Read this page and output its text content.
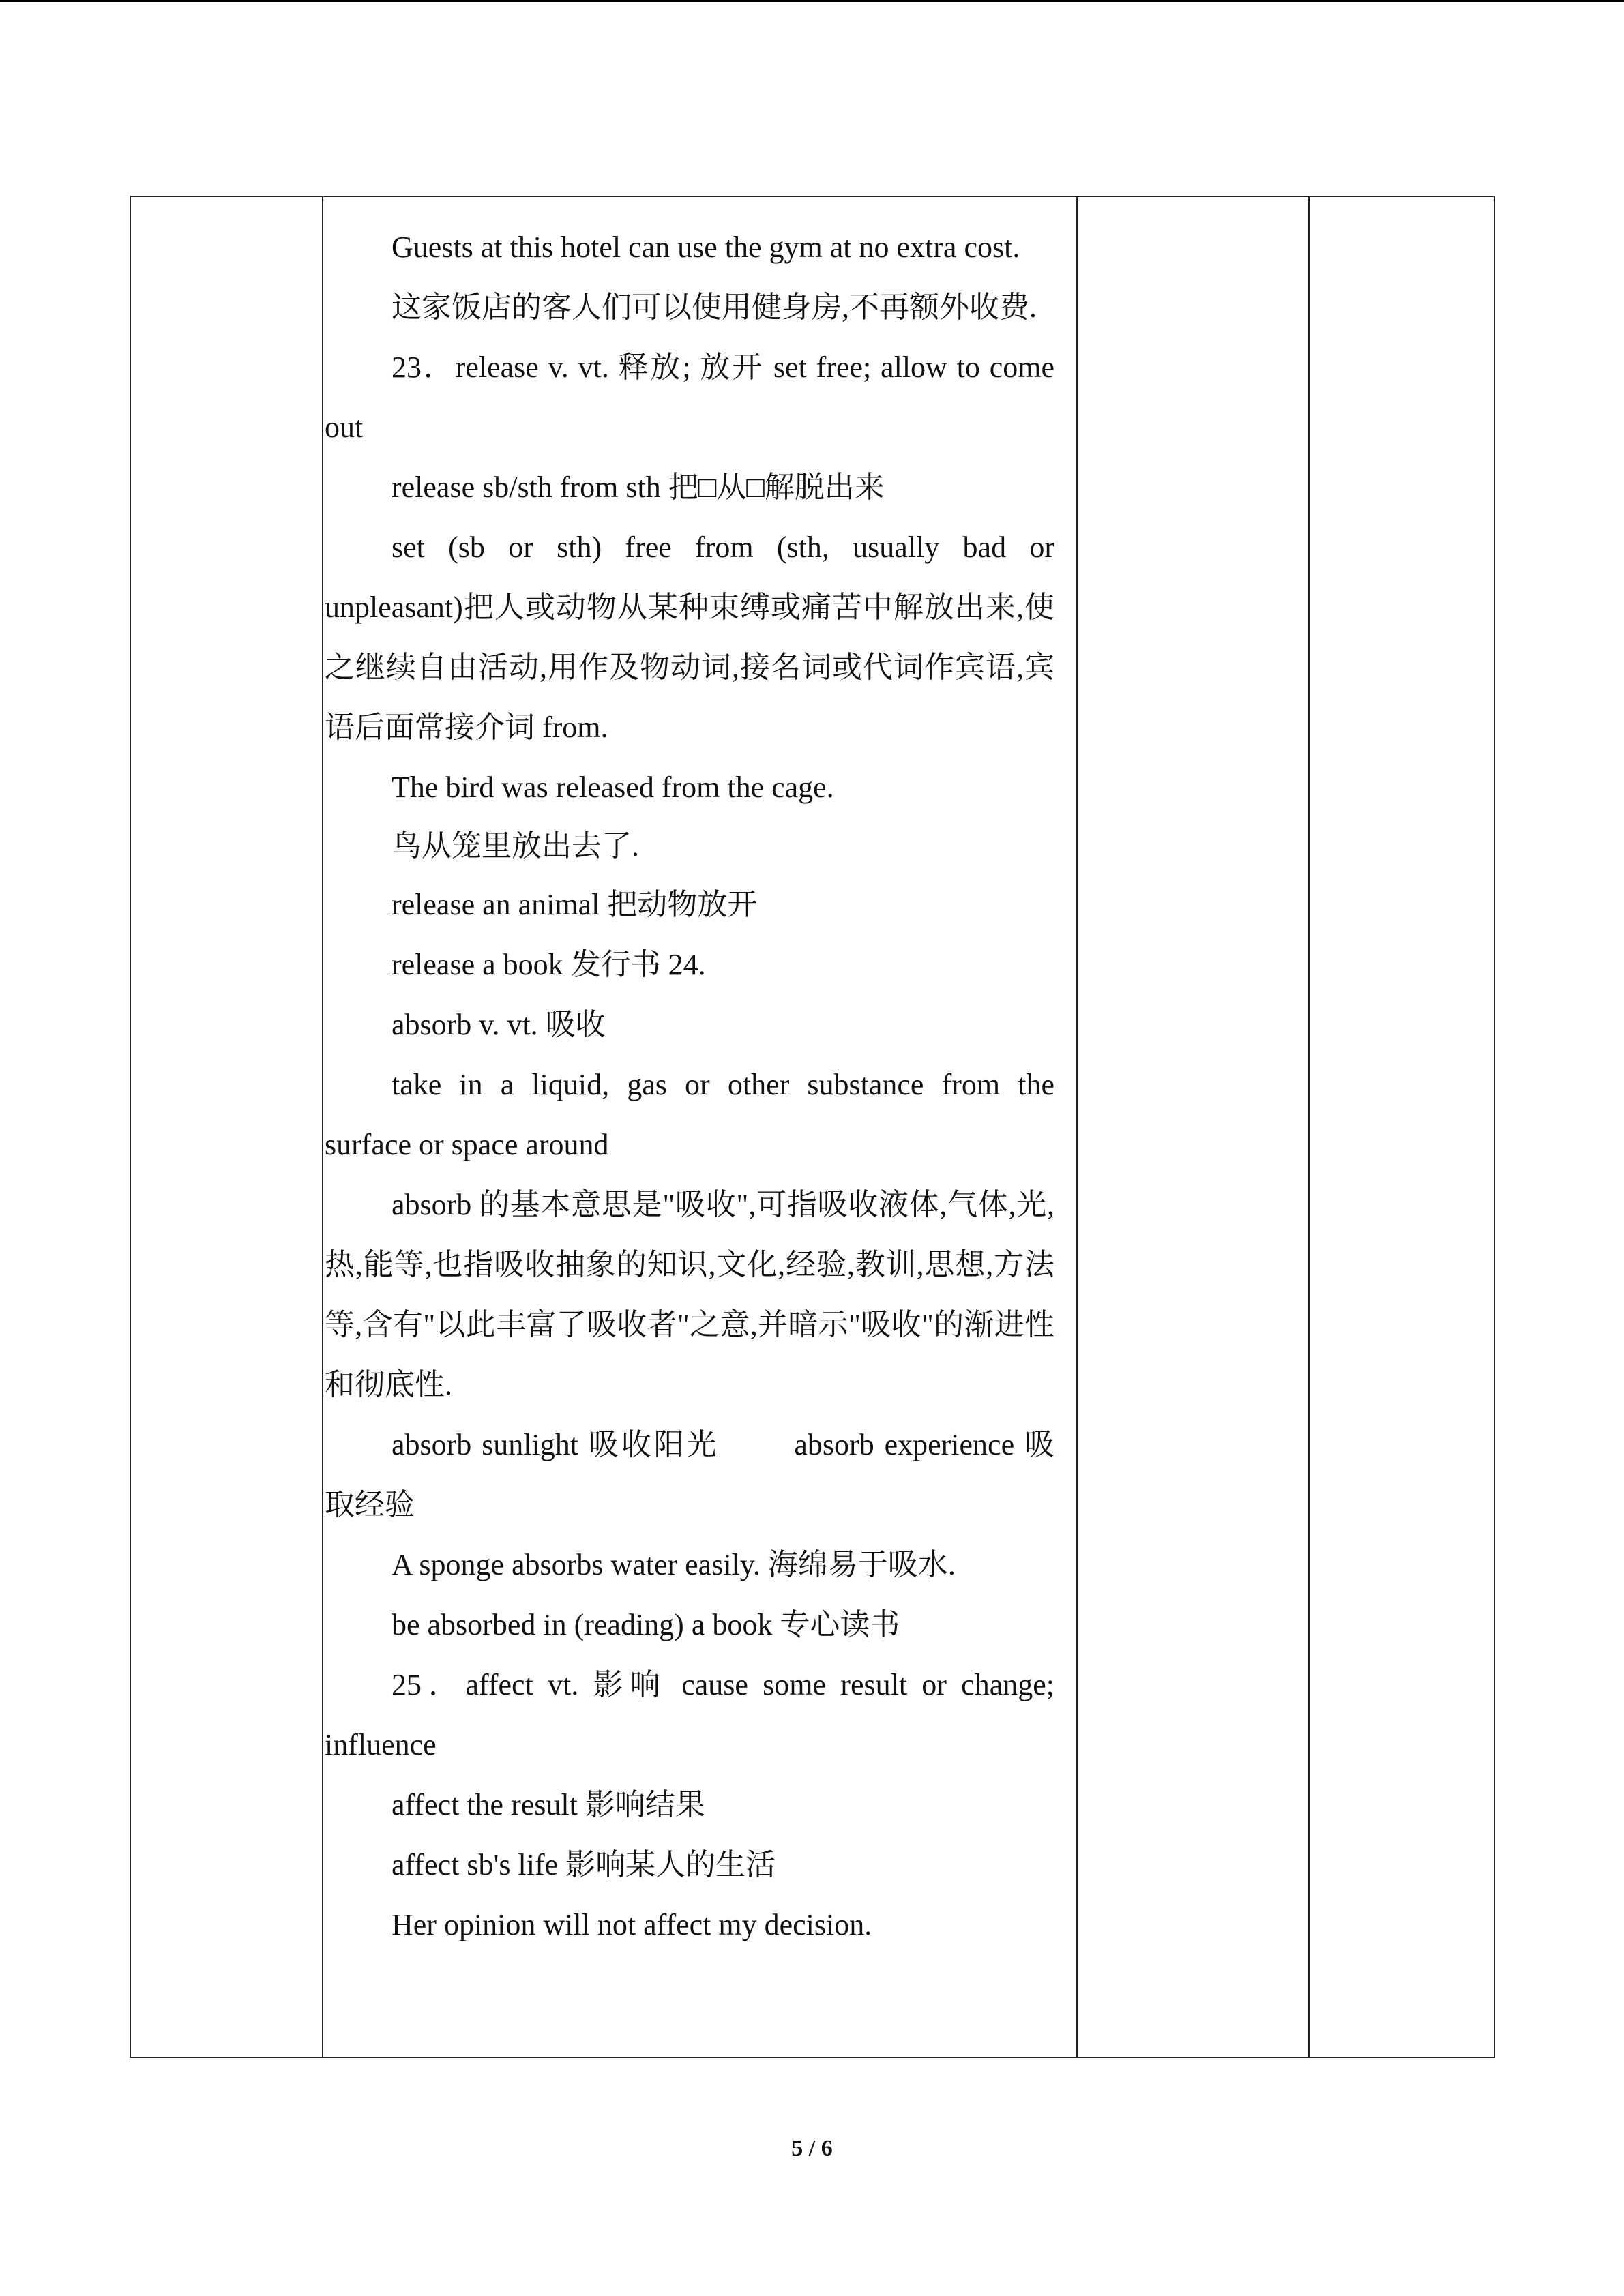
Guests at this hotel can use the gym at no extra cost.

这家饭店的客人们可以使用健身房,不再额外收费.

23．release v. vt. 释放; 放开 set free; allow to come out

release sb/sth from sth 把□从□解脱出来

set (sb or sth) free from (sth, usually bad or unpleasant)把人或动物从某种束缚或痛苦中解放出来,使之继续自由活动,用作及物动词,接名词或代词作宾语,宾语后面常接介词 from.

The bird was released from the cage.

鸟从笼里放出去了.

release an animal 把动物放开

release a book 发行书 24.

absorb v. vt. 吸收

take in a liquid, gas or other substance from the surface or space around

absorb 的基本意思是"吸收",可指吸收液体,气体,光,热,能等,也指吸收抽象的知识,文化,经验,教训,思想,方法等,含有"以此丰富了吸收者"之意,并暗示"吸收"的渐进性和彻底性.

absorb sunlight 吸收阳光	absorb experience 吸取经验

A sponge absorbs water easily. 海绵易于吸水.

be absorbed in (reading) a book 专心读书

25．affect vt. 影响 cause some result or change; influence

affect the result 影响结果

affect sb's life 影响某人的生活

Her opinion will not affect my decision.

5 / 6
